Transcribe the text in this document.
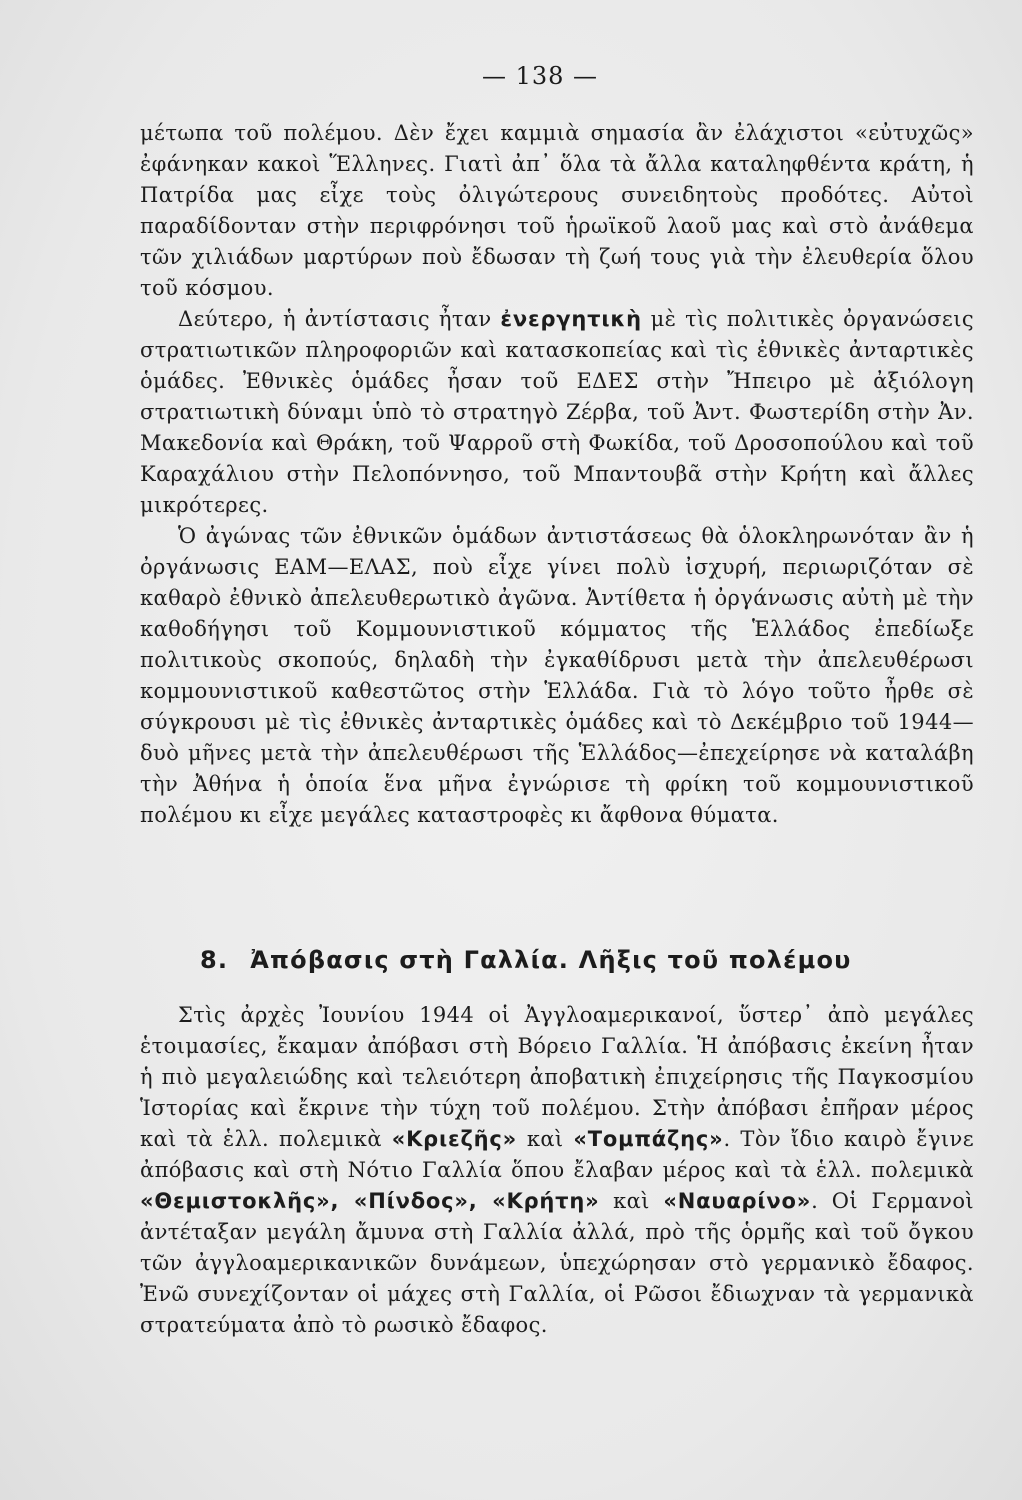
— 138 —

μέτωπα τοῦ πολέμου. Δὲν ἔχει καμμιὰ σημασία ἂν ἐλάχιστοι «εὐτυχῶς» ἐφάνηκαν κακοὶ Ἕλληνες. Γιατὶ ἀπ᾽ ὅλα τὰ ἄλλα καταληφθέντα κράτη, ἡ Πατρίδα μας εἶχε τοὺς ὀλιγώτερους συνειδητοὺς προδότες. Αὐτοὶ παραδίδονταν στὴν περιφρόνησι τοῦ ἡρωϊκοῦ λαοῦ μας καὶ στὸ ἀνάθεμα τῶν χιλιάδων μαρτύρων ποὺ ἔδωσαν τὴ ζωή τους γιὰ τὴν ἐλευθερία ὅλου τοῦ κόσμου.

Δεύτερο, ἡ ἀντίστασις ἦταν ἐνεργητικὴ μὲ τὶς πολιτικὲς ὀργανώσεις στρατιωτικῶν πληροφοριῶν καὶ κατασκοπείας καὶ τὶς ἐθνικὲς ἀνταρτικὲς ὁμάδες. Ἐθνικὲς ὁμάδες ἦσαν τοῦ ΕΔΕΣ στὴν Ἤπειρο μὲ ἀξιόλογη στρατιωτικὴ δύναμι ὑπὸ τὸ στρατηγὸ Ζέρβα, τοῦ Ἀντ. Φωστερίδη στὴν Ἀν. Μακεδονία καὶ Θράκη, τοῦ Ψαρροῦ στὴ Φωκίδα, τοῦ Δροσοπούλου καὶ τοῦ Καραχάλιου στὴν Πελοπόννησο, τοῦ Μπαντουβᾶ στὴν Κρήτη καὶ ἄλλες μικρότερες.

Ὁ ἀγώνας τῶν ἐθνικῶν ὁμάδων ἀντιστάσεως θὰ ὁλοκληρωνόταν ἂν ἡ ὀργάνωσις ΕΑΜ—ΕΛΑΣ, ποὺ εἶχε γίνει πολὺ ἰσχυρή, περιωριζόταν σὲ καθαρὸ ἐθνικὸ ἀπελευθερωτικὸ ἀγῶνα. Ἀντίθετα ἡ ὀργάνωσις αὐτὴ μὲ τὴν καθοδήγησι τοῦ Κομμουνιστικοῦ κόμματος τῆς Ἑλλάδος ἐπεδίωξε πολιτικοὺς σκοπούς, δηλαδὴ τὴν ἐγκαθίδρυσι μετὰ τὴν ἀπελευθέρωσι κομμουνιστικοῦ καθεστῶτος στὴν Ἑλλάδα. Γιὰ τὸ λόγο τοῦτο ἦρθε σὲ σύγκρουσι μὲ τὶς ἐθνικὲς ἀνταρτικὲς ὁμάδες καὶ τὸ Δεκέμβριο τοῦ 1944—δυὸ μῆνες μετὰ τὴν ἀπελευθέρωσι τῆς Ἑλλάδος—ἐπεχείρησε νὰ καταλάβη τὴν Ἀθήνα ἡ ὁποία ἕνα μῆνα ἐγνώρισε τὴ φρίκη τοῦ κομμουνιστικοῦ πολέμου κι εἶχε μεγάλες καταστροφὲς κι ἄφθονα θύματα.

8. Ἀπόβασις στὴ Γαλλία. Λῆξις τοῦ πολέμου

Στὶς ἀρχὲς Ἰουνίου 1944 οἱ Ἀγγλοαμερικανοί, ὕστερ᾽ ἀπὸ μεγάλες ἑτοιμασίες, ἔκαμαν ἀπόβασι στὴ Βόρειο Γαλλία. Ἡ ἀπόβασις ἐκείνη ἦταν ἡ πιὸ μεγαλειώδης καὶ τελειότερη ἀποβατικὴ ἐπιχείρησις τῆς Παγκοσμίου Ἱστορίας καὶ ἔκρινε τὴν τύχη τοῦ πολέμου. Στὴν ἀπόβασι ἐπῆραν μέρος καὶ τὰ ἑλλ. πολεμικὰ «Κριεζῆς» καὶ «Τομπάζης». Τὸν ἴδιο καιρὸ ἔγινε ἀπόβασις καὶ στὴ Νότιο Γαλλία ὅπου ἔλαβαν μέρος καὶ τὰ ἑλλ. πολεμικὰ «Θεμιστοκλῆς», «Πίνδος», «Κρήτη» καὶ «Ναυαρίνο». Οἱ Γερμανοὶ ἀντέταξαν μεγάλη ἄμυνα στὴ Γαλλία ἀλλά, πρὸ τῆς ὁρμῆς καὶ τοῦ ὄγκου τῶν ἀγγλοαμερικανικῶν δυνάμεων, ὑπεχώρησαν στὸ γερμανικὸ ἔδαφος. Ἐνῶ συνεχίζονταν οἱ μάχες στὴ Γαλλία, οἱ Ρῶσοι ἔδιωχναν τὰ γερμανικὰ στρατεύματα ἀπὸ τὸ ρωσικὸ ἔδαφος.
